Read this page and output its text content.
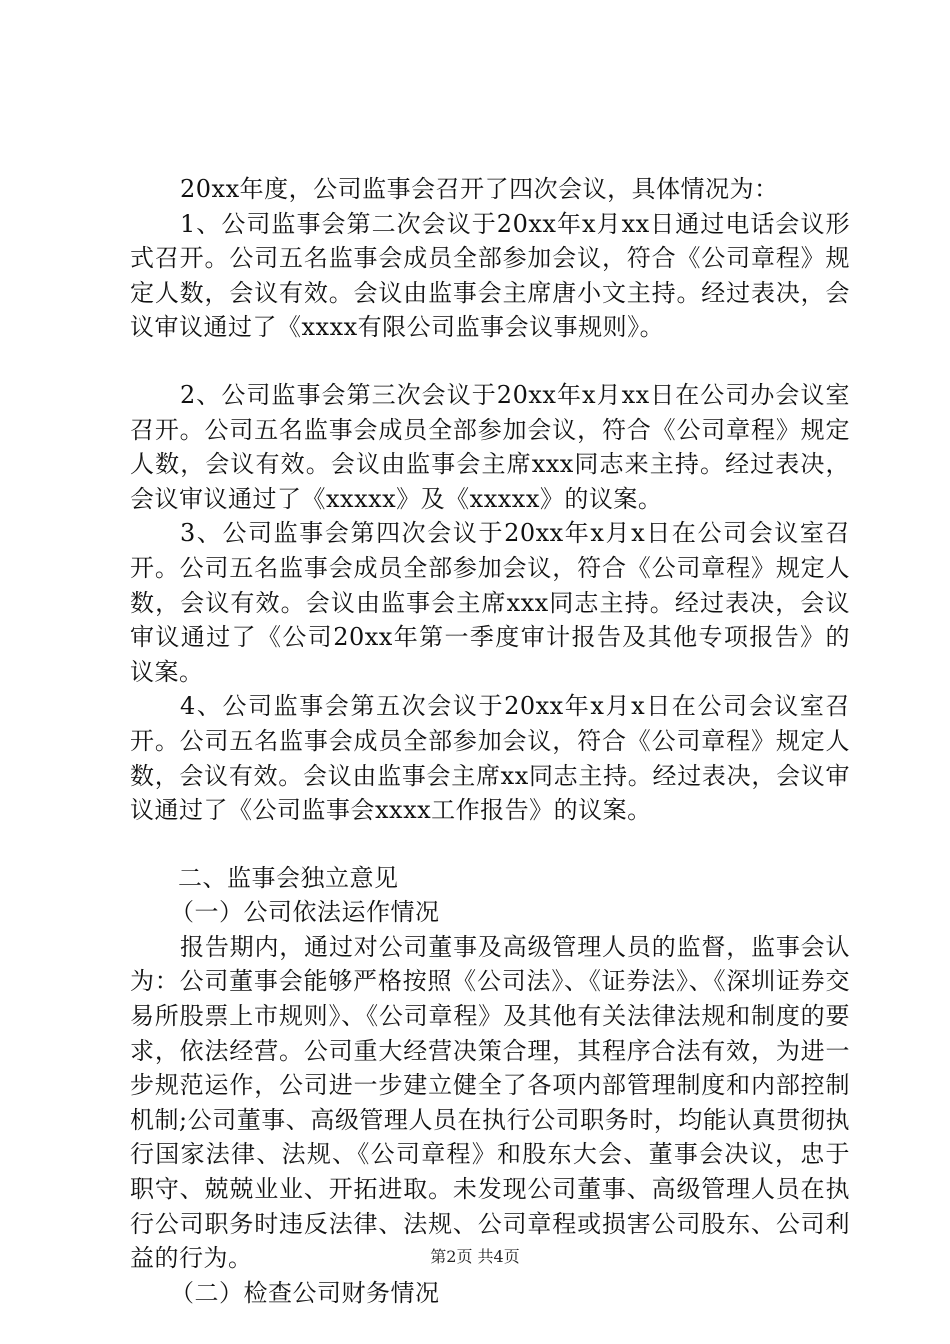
20xx年度，公司监事会召开了四次会议，具体情况为：

1、公司监事会第二次会议于20xx年x月xx日通过电话会议形式召开。公司五名监事会成员全部参加会议，符合《公司章程》规定人数，会议有效。会议由监事会主席唐小文主持。经过表决，会议审议通过了《xxxx有限公司监事会议事规则》。

2、公司监事会第三次会议于20xx年x月xx日在公司办会议室召开。公司五名监事会成员全部参加会议，符合《公司章程》规定人数，会议有效。会议由监事会主席xxx同志来主持。经过表决，会议审议通过了《xxxxx》及《xxxxx》的议案。

3、公司监事会第四次会议于20xx年x月x日在公司会议室召开。公司五名监事会成员全部参加会议，符合《公司章程》规定人数，会议有效。会议由监事会主席xxx同志主持。经过表决，会议审议通过了《公司20xx年第一季度审计报告及其他专项报告》的议案。

4、公司监事会第五次会议于20xx年x月x日在公司会议室召开。公司五名监事会成员全部参加会议，符合《公司章程》规定人数，会议有效。会议由监事会主席xx同志主持。经过表决，会议审议通过了《公司监事会xxxx工作报告》的议案。

二、监事会独立意见

（一）公司依法运作情况

报告期内，通过对公司董事及高级管理人员的监督，监事会认为：公司董事会能够严格按照《公司法》、《证券法》、《深圳证券交易所股票上市规则》、《公司章程》及其他有关法律法规和制度的要求，依法经营。公司重大经营决策合理，其程序合法有效，为进一步规范运作，公司进一步建立健全了各项内部管理制度和内部控制机制;公司董事、高级管理人员在执行公司职务时，均能认真贯彻执行国家法律、法规、《公司章程》和股东大会、董事会决议，忠于职守、兢兢业业、开拓进取。未发现公司董事、高级管理人员在执行公司职务时违反法律、法规、公司章程或损害公司股东、公司利益的行为。

（二）检查公司财务情况

第2页 共4页
